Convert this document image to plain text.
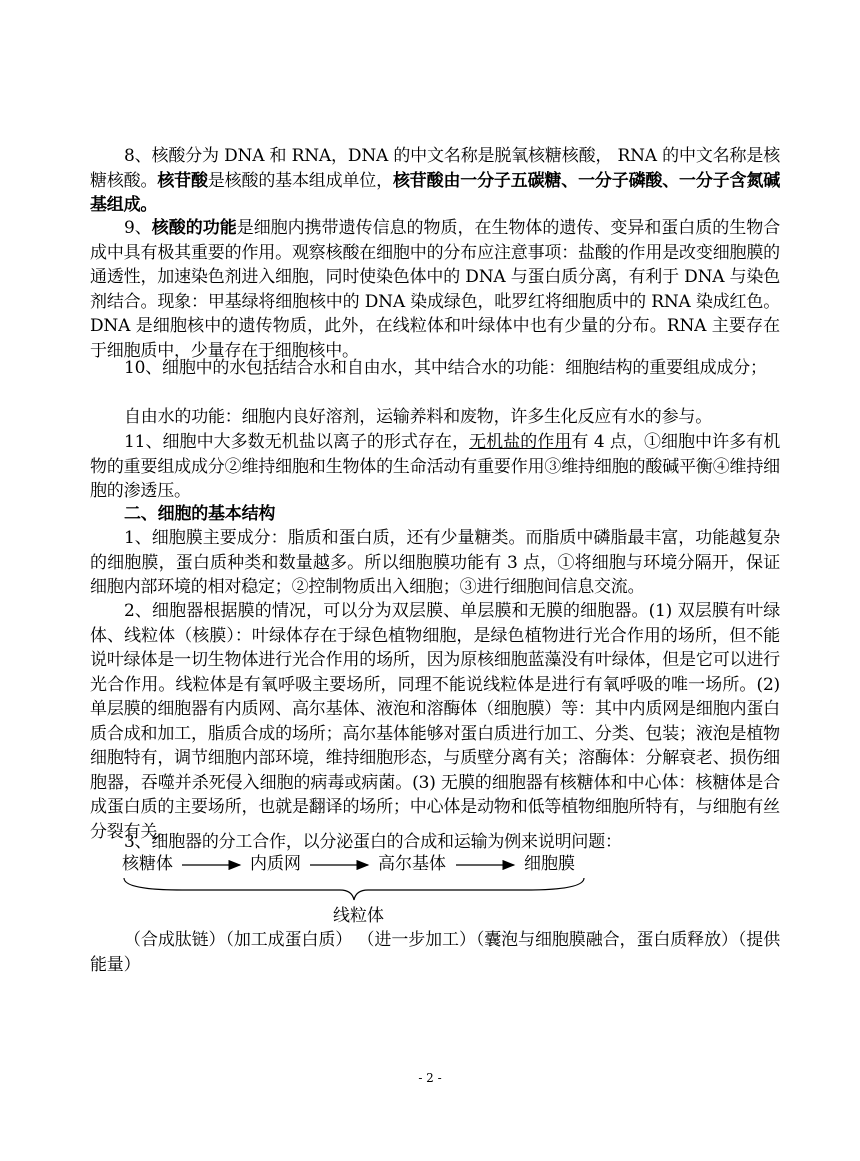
8、核酸分为 DNA 和 RNA，DNA 的中文名称是脱氧核糖核酸， RNA 的中文名称是核糖核酸。核苷酸是核酸的基本组成单位，核苷酸由一分子五碳糖、一分子磷酸、一分子含氮碱基组成。
9、核酸的功能是细胞内携带遗传信息的物质，在生物体的遗传、变异和蛋白质的生物合成中具有极其重要的作用。观察核酸在细胞中的分布应注意事项：盐酸的作用是改变细胞膜的通透性，加速染色剂进入细胞，同时使染色体中的 DNA 与蛋白质分离，有利于 DNA 与染色剂结合。现象：甲基绿将细胞核中的 DNA 染成绿色，吡罗红将细胞质中的 RNA 染成红色。DNA 是细胞核中的遗传物质，此外，在线粒体和叶绿体中也有少量的分布。RNA 主要存在于细胞质中，少量存在于细胞核中。
10、细胞中的水包括结合水和自由水，其中结合水的功能：细胞结构的重要组成成分；
自由水的功能：细胞内良好溶剂，运输养料和废物，许多生化反应有水的参与。
11、细胞中大多数无机盐以离子的形式存在，无机盐的作用有 4 点，①细胞中许多有机物的重要组成成分②维持细胞和生物体的生命活动有重要作用③维持细胞的酸碱平衡④维持细胞的渗透压。
二、细胞的基本结构
1、细胞膜主要成分：脂质和蛋白质，还有少量糖类。而脂质中磷脂最丰富，功能越复杂的细胞膜，蛋白质种类和数量越多。所以细胞膜功能有 3 点，①将细胞与环境分隔开，保证细胞内部环境的相对稳定；②控制物质出入细胞；③进行细胞间信息交流。
2、细胞器根据膜的情况，可以分为双层膜、单层膜和无膜的细胞器。(1) 双层膜有叶绿体、线粒体（核膜）：叶绿体存在于绿色植物细胞，是绿色植物进行光合作用的场所，但不能说叶绿体是一切生物体进行光合作用的场所，因为原核细胞蓝藻没有叶绿体，但是它可以进行光合作用。线粒体是有氧呼吸主要场所，同理不能说线粒体是进行有氧呼吸的唯一场所。(2) 单层膜的细胞器有内质网、高尔基体、液泡和溶酶体（细胞膜）等：其中内质网是细胞内蛋白质合成和加工，脂质合成的场所；高尔基体能够对蛋白质进行加工、分类、包装；液泡是植物细胞特有，调节细胞内部环境，维持细胞形态，与质壁分离有关；溶酶体：分解衰老、损伤细胞器，吞噬并杀死侵入细胞的病毒或病菌。(3) 无膜的细胞器有核糖体和中心体：核糖体是合成蛋白质的主要场所，也就是翻译的场所；中心体是动物和低等植物细胞所特有，与细胞有丝分裂有关。
3、细胞器的分工合作，以分泌蛋白的合成和运输为例来说明问题：
核糖体	内质网	高尔基体	细胞膜
线粒体
（合成肽链）（加工成蛋白质） （进一步加工）（囊泡与细胞膜融合，蛋白质释放）（提供能量）
- 2 -
